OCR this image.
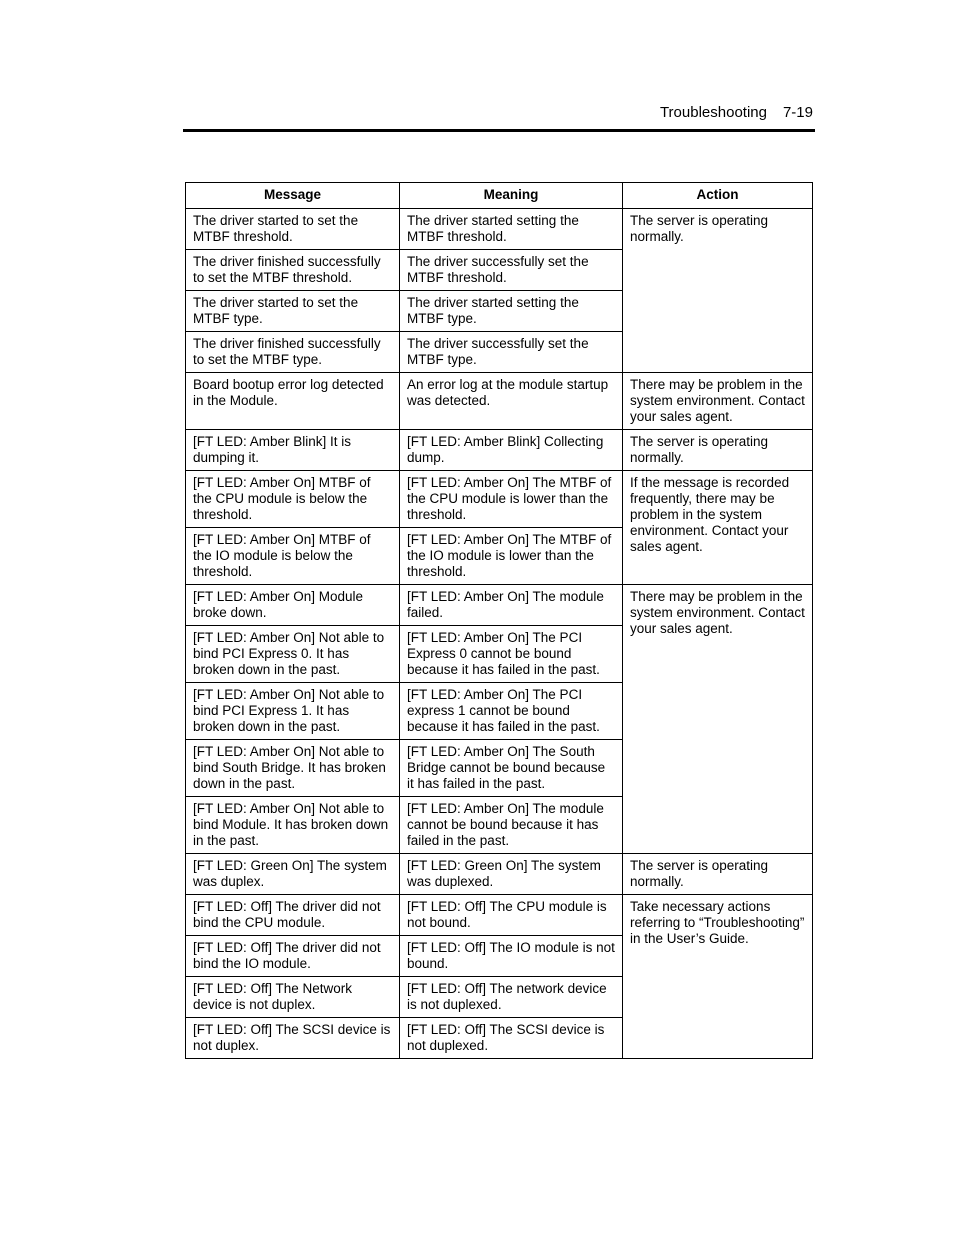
Troubleshooting 7-19
Message	Meaning	Action
The driver started to set the MTBF threshold.	The driver started setting the MTBF threshold.	The server is operating normally.
The driver finished successfully to set the MTBF threshold.	The driver successfully set the MTBF threshold.	
The driver started to set the MTBF type.	The driver started setting the MTBF type.	
The driver finished successfully to set the MTBF type.	The driver successfully set the MTBF type.	
Board bootup error log detected in the Module.	An error log at the module startup was detected.	There may be problem in the system environment. Contact your sales agent.
[FT LED: Amber Blink] It is dumping it.	[FT LED: Amber Blink] Collecting dump.	The server is operating normally.
[FT LED: Amber On] MTBF of the CPU module is below the threshold.	[FT LED: Amber On] The MTBF of the CPU module is lower than the threshold.	If the message is recorded frequently, there may be problem in the system environment. Contact your sales agent.
[FT LED: Amber On] MTBF of the IO module is below the threshold.	[FT LED: Amber On] The MTBF of the IO module is lower than the threshold.	
[FT LED: Amber On] Module broke down.	[FT LED: Amber On] The module failed.	There may be problem in the system environment. Contact your sales agent.
[FT LED: Amber On] Not able to bind PCI Express 0. It has broken down in the past.	[FT LED: Amber On] The PCI Express 0 cannot be bound because it has failed in the past.	
[FT LED: Amber On] Not able to bind PCI Express 1. It has broken down in the past.	[FT LED: Amber On] The PCI express 1 cannot be bound because it has failed in the past.	
[FT LED: Amber On] Not able to bind South Bridge. It has broken down in the past.	[FT LED: Amber On] The South Bridge cannot be bound because it has failed in the past.	
[FT LED: Amber On] Not able to bind Module. It has broken down in the past.	[FT LED: Amber On] The module cannot be bound because it has failed in the past.	
[FT LED: Green On] The system was duplex.	[FT LED: Green On] The system was duplexed.	The server is operating normally.
[FT LED: Off] The driver did not bind the CPU module.	[FT LED: Off] The CPU module is not bound.	Take necessary actions referring to “Troubleshooting” in the User’s Guide.
[FT LED: Off] The driver did not bind the IO module.	[FT LED: Off] The IO module is not bound.	
[FT LED: Off] The Network device is not duplex.	[FT LED: Off] The network device is not duplexed.	
[FT LED: Off] The SCSI device is not duplex.	[FT LED: Off] The SCSI device is not duplexed.	
